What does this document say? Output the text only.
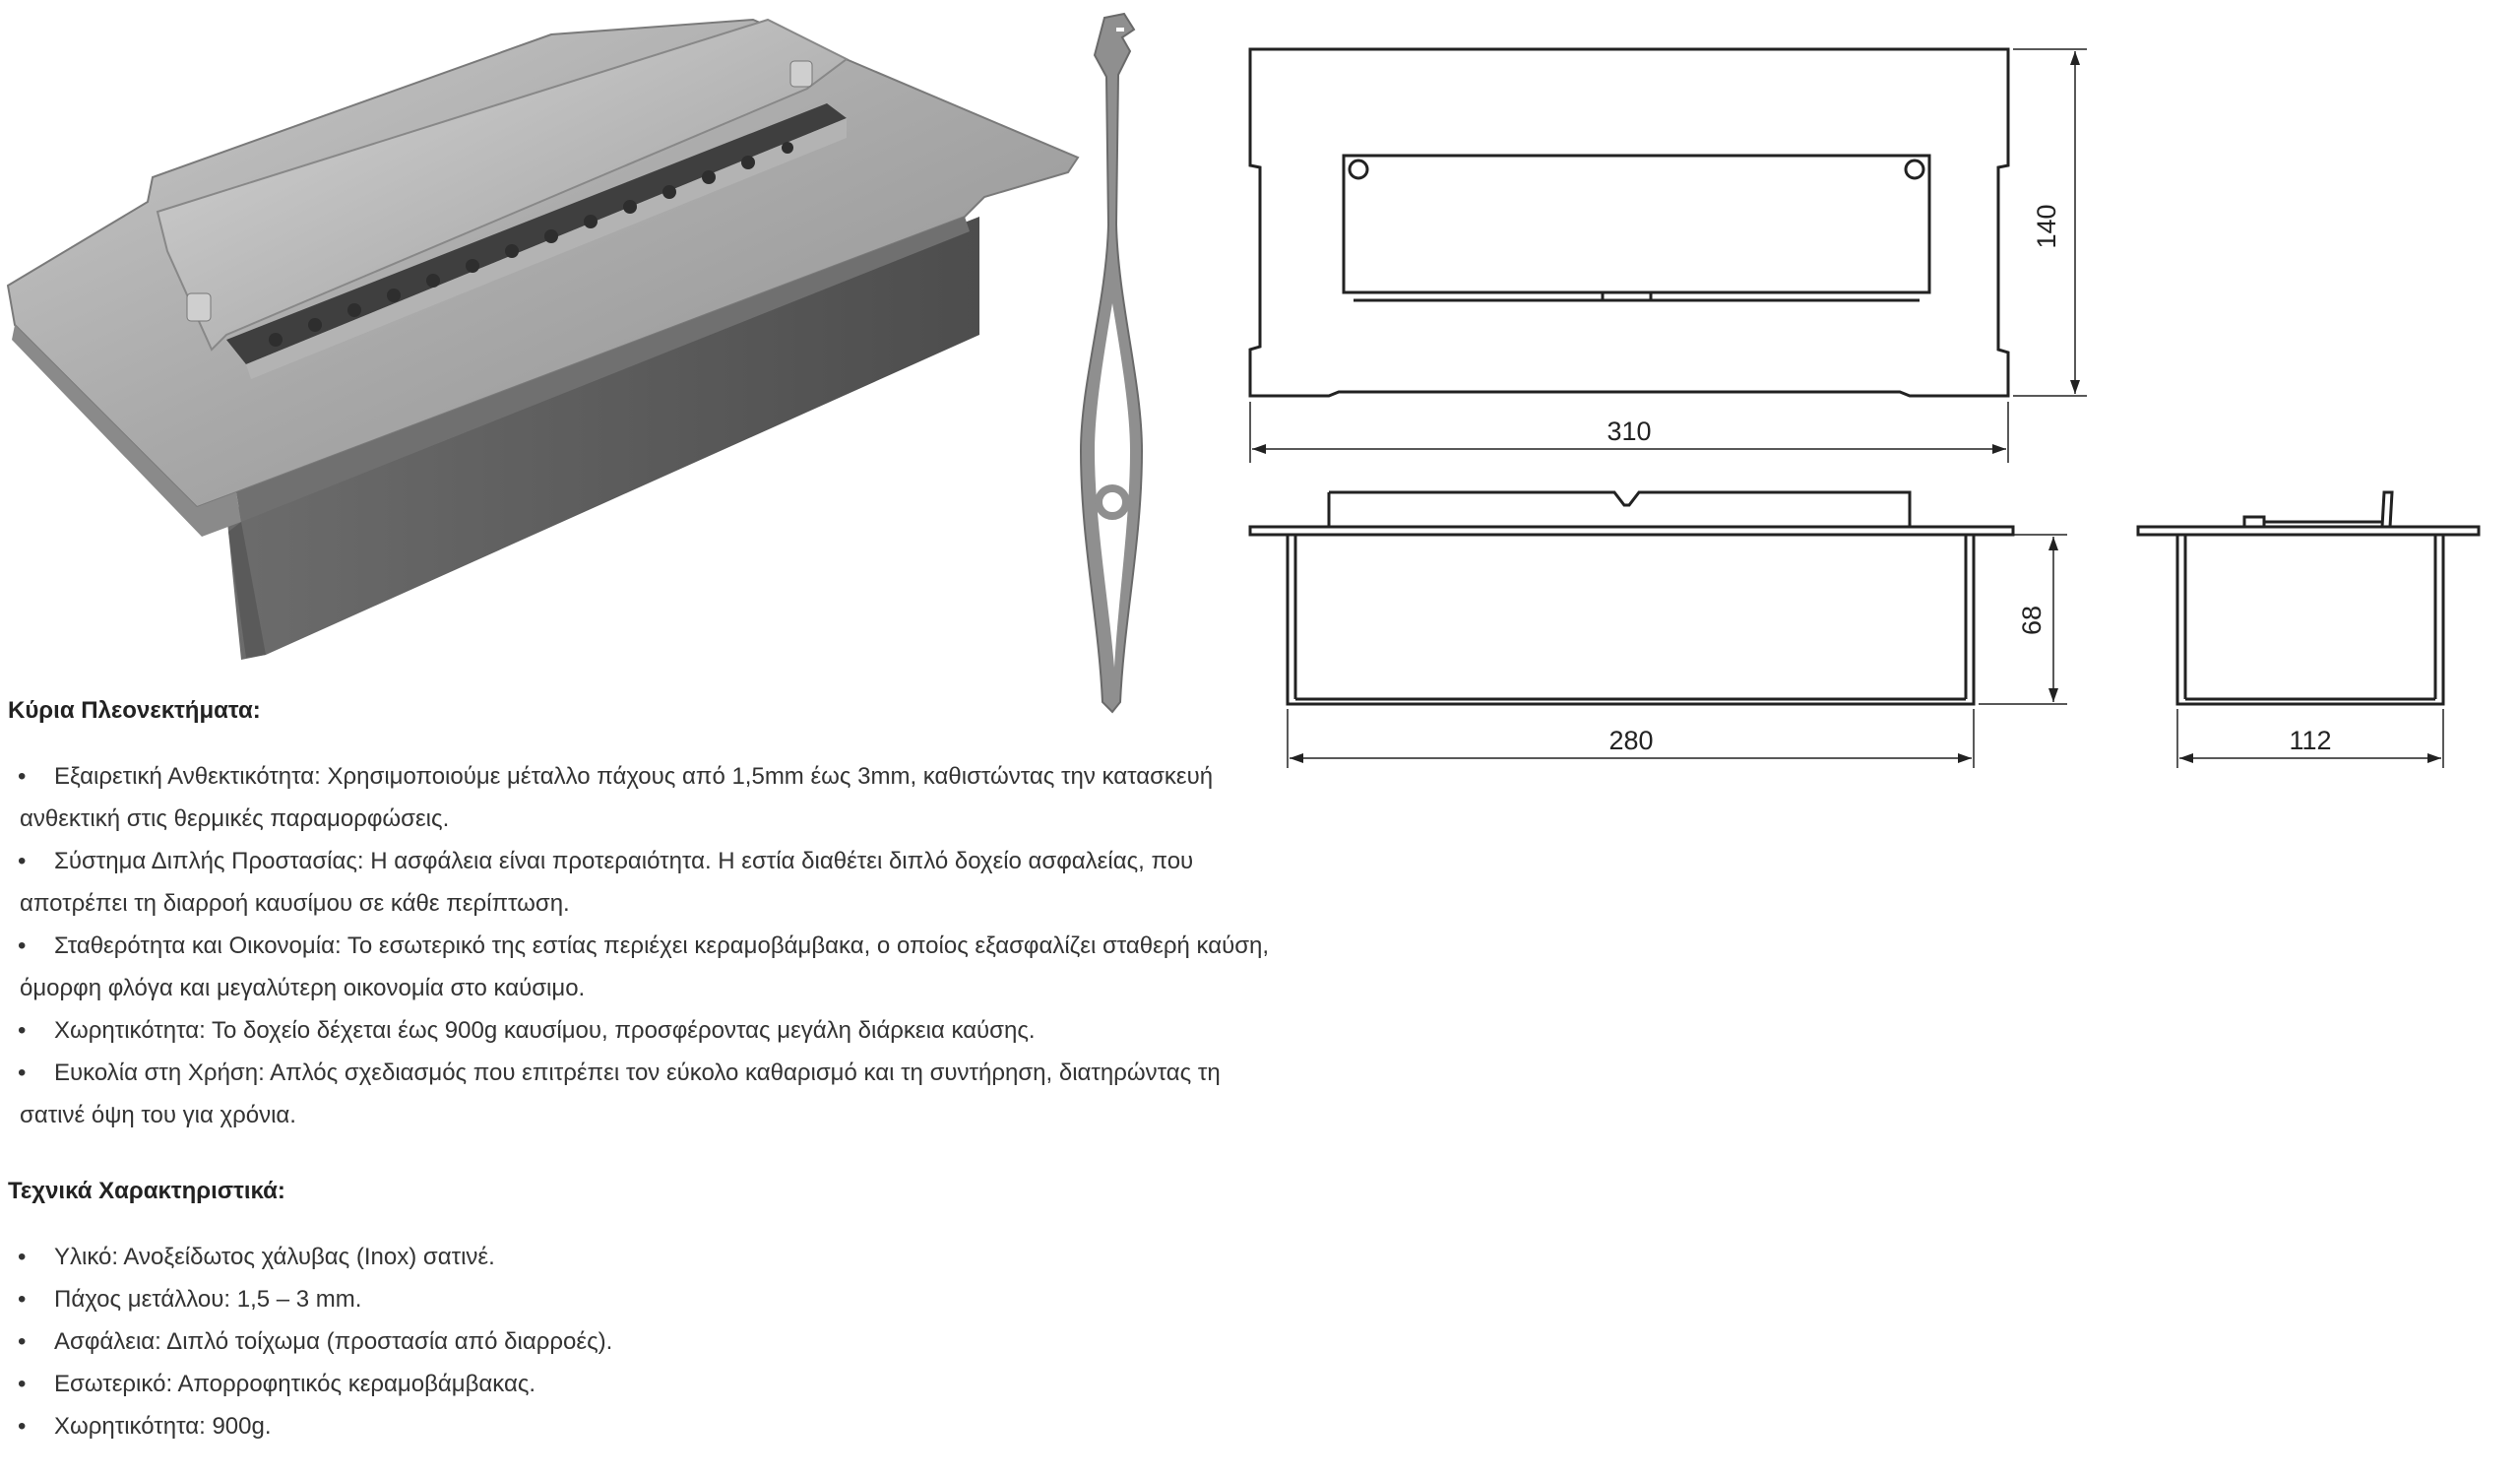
140
310
68
280	112
Κύρια Πλεονεκτήματα:
• Εξαιρετική Ανθεκτικότητα: Χρησιμοποιούμε μέταλλο πάχους από 1,5mm έως 3mm, καθιστώντας την κατασκευή
ανθεκτική στις θερμικές παραμορφώσεις.
• Σύστημα Διπλής Προστασίας: Η ασφάλεια είναι προτεραιότητα. Η εστία διαθέτει διπλό δοχείο ασφαλείας, που
αποτρέπει τη διαρροή καυσίμου σε κάθε περίπτωση.
• Σταθερότητα και Οικονομία: Το εσωτερικό της εστίας περιέχει κεραμοβάμβακα, ο οποίος εξασφαλίζει σταθερή καύση,
όμορφη φλόγα και μεγαλύτερη οικονομία στο καύσιμο.
• Χωρητικότητα: Το δοχείο δέχεται έως 900g καυσίμου, προσφέροντας μεγάλη διάρκεια καύσης.
• Ευκολία στη Χρήση: Απλός σχεδιασμός που επιτρέπει τον εύκολο καθαρισμό και τη συντήρηση, διατηρώντας τη
σατινέ όψη του για χρόνια.
Τεχνικά Χαρακτηριστικά:
•	Υλικό: Ανοξείδωτος χάλυβας (Inox) σατινέ.
•	Πάχος μετάλλου: 1,5 – 3 mm.
•	Ασφάλεια: Διπλό τοίχωμα (προστασία από διαρροές).
•	Εσωτερικό: Απορροφητικός κεραμοβάμβακας.
•	Χωρητικότητα: 900g.
